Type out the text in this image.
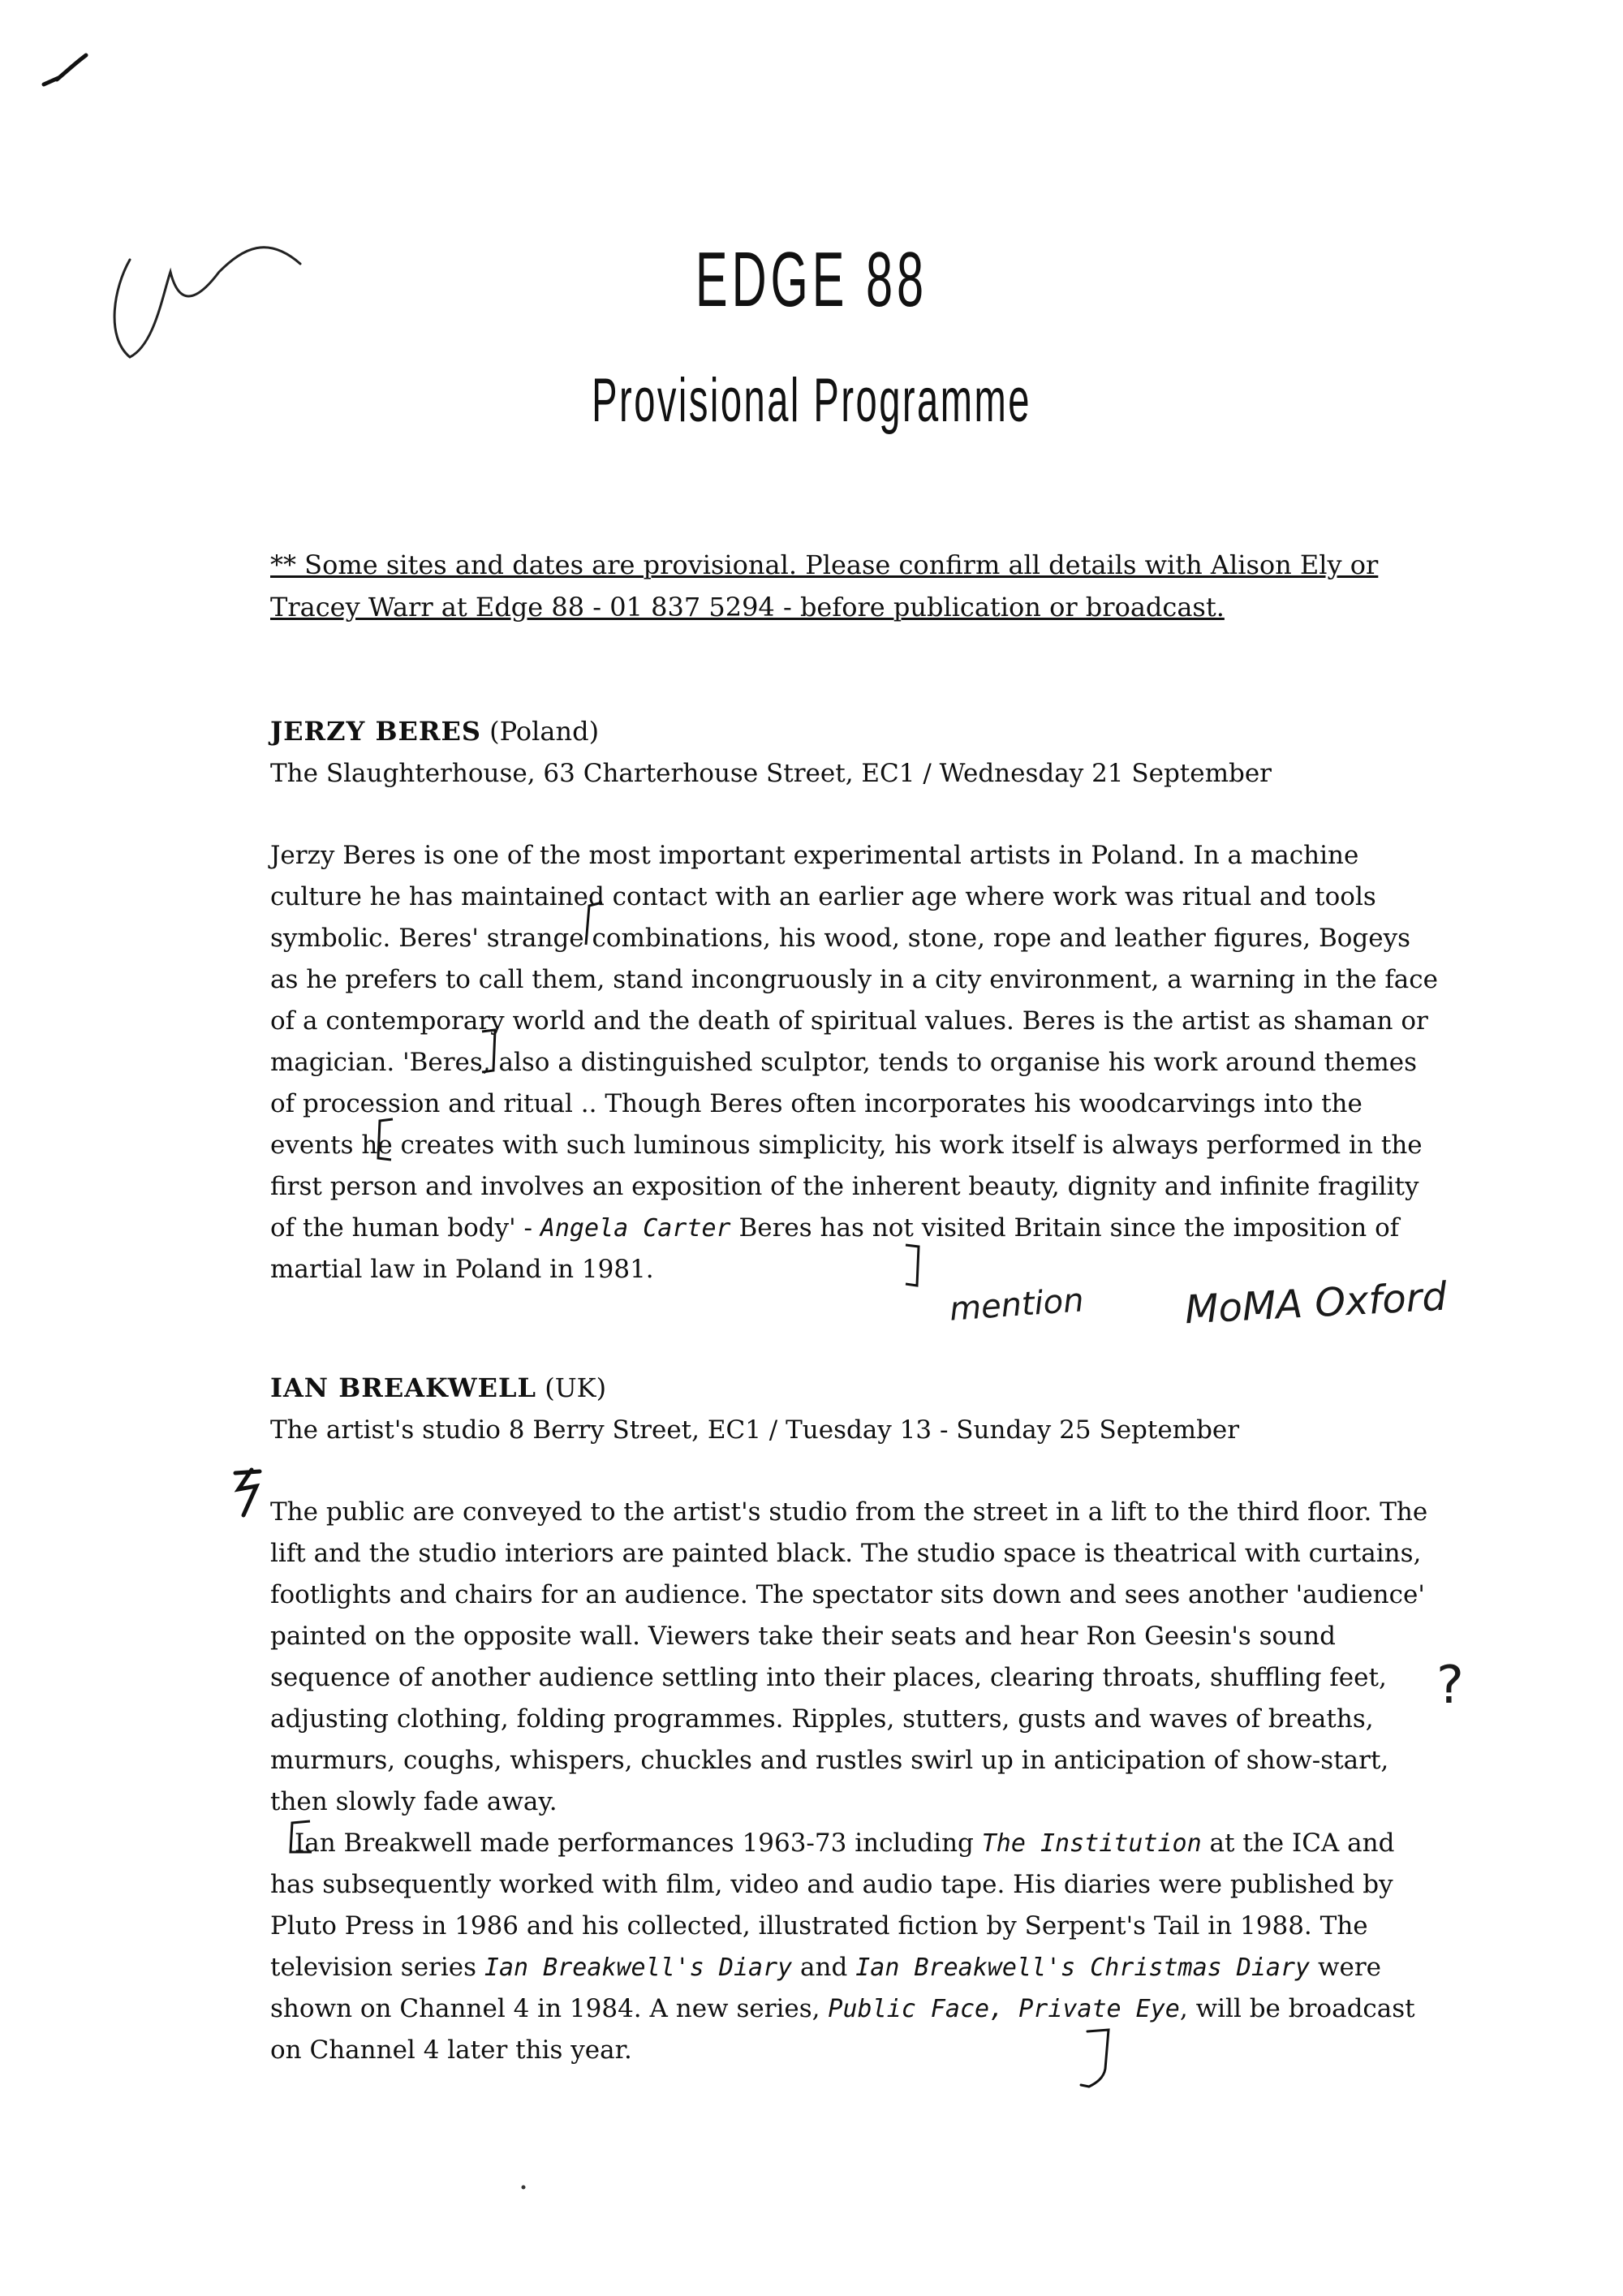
EDGE 88
Provisional Programme

** Some sites and dates are provisional. Please confirm all details with Alison Ely or Tracey Warr at Edge 88 - 01 837 5294 - before publication or broadcast.

JERZY BERES (Poland)

The Slaughterhouse, 63 Charterhouse Street, EC1 / Wednesday 21 September

Jerzy Beres is one of the most important experimental artists in Poland. In a machine culture he has maintained contact with an earlier age where work was ritual and tools symbolic. Beres' strange combinations, his wood, stone, rope and leather figures, Bogeys as he prefers to call them, stand incongruously in a city environment, a warning in the face of a contemporary world and the death of spiritual values. Beres is the artist as shaman or magician. 'Beres, also a distinguished sculptor, tends to organise his work around themes of procession and ritual .. Though Beres often incorporates his woodcarvings into the events he creates with such luminous simplicity, his work itself is always performed in the first person and involves an exposition of the inherent beauty, dignity and infinite fragility of the human body' - Angela Carter Beres has not visited Britain since the imposition of martial law in Poland in 1981.

mention	MoMA Oxford

IAN BREAKWELL (UK)

The artist's studio 8 Berry Street, EC1 / Tuesday 13 - Sunday 25 September

The public are conveyed to the artist's studio from the street in a lift to the third floor. The lift and the studio interiors are painted black. The studio space is theatrical with curtains, footlights and chairs for an audience. The spectator sits down and sees another 'audience' painted on the opposite wall. Viewers take their seats and hear Ron Geesin's sound sequence of another audience settling into their places, clearing throats, shuffling feet, adjusting clothing, folding programmes. Ripples, stutters, gusts and waves of breaths, murmurs, coughs, whispers, chuckles and rustles swirl up in anticipation of show-start, then slowly fade away.

Ian Breakwell made performances 1963-73 including The Institution at the ICA and has subsequently worked with film, video and audio tape. His diaries were published by Pluto Press in 1986 and his collected, illustrated fiction by Serpent's Tail in 1988. The television series Ian Breakwell's Diary and Ian Breakwell's Christmas Diary were shown on Channel 4 in 1984. A new series, Public Face, Private Eye, will be broadcast on Channel 4 later this year.

?
